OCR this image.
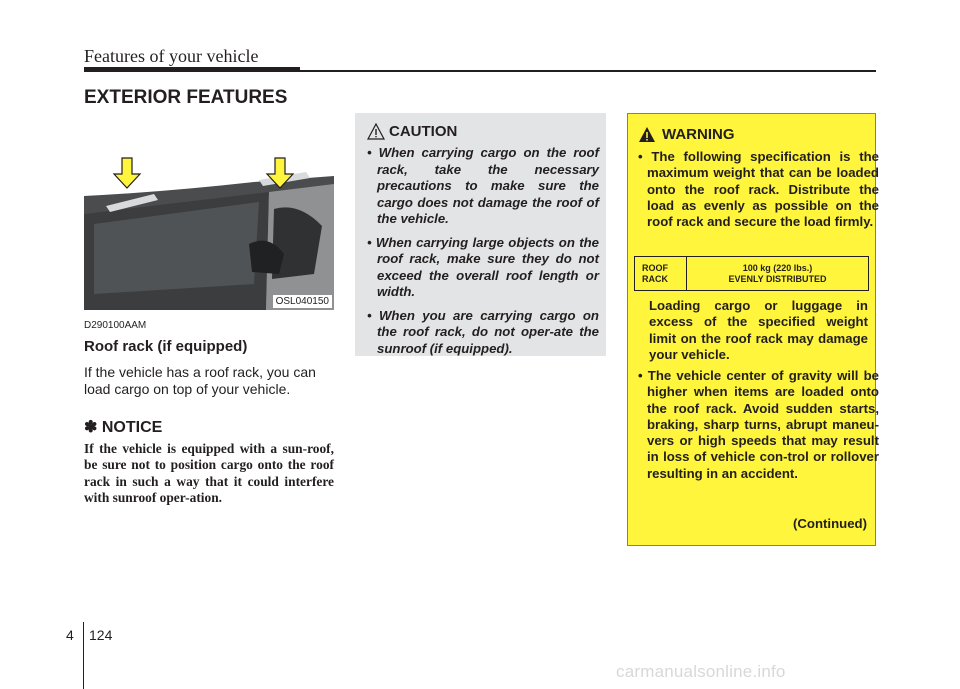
Features of your vehicle
EXTERIOR FEATURES
OSL040150
D290100AAM
Roof rack (if equipped)
If the vehicle has a roof rack, you can load cargo on top of your vehicle.
✽ NOTICE
If the vehicle is equipped with a sun-roof, be sure not to position cargo onto the roof rack in such a way that it could interfere with sunroof oper-ation.
CAUTION
• When carrying cargo on the roof rack, take the necessary precautions to make sure the cargo does not damage the roof of the vehicle.
• When carrying large objects on the roof rack, make sure they do not exceed the overall roof length or width.
• When you are carrying cargo on the roof rack, do not oper-ate the sunroof (if equipped).
WARNING
• The following specification is the maximum weight that can be loaded onto the roof rack. Distribute the load as evenly as possible on the roof rack and secure the load firmly.
ROOF
RACK
100 kg (220 lbs.)
EVENLY DISTRIBUTED
Loading cargo or luggage in excess of the specified weight limit on the roof rack may damage your vehicle.
• The vehicle center of gravity will be higher when items are loaded onto the roof rack. Avoid sudden starts, braking, sharp turns, abrupt maneu-vers or high speeds that may result in loss of vehicle con-trol or rollover resulting in an accident.
(Continued)
4 124
carmanualsonline.info
